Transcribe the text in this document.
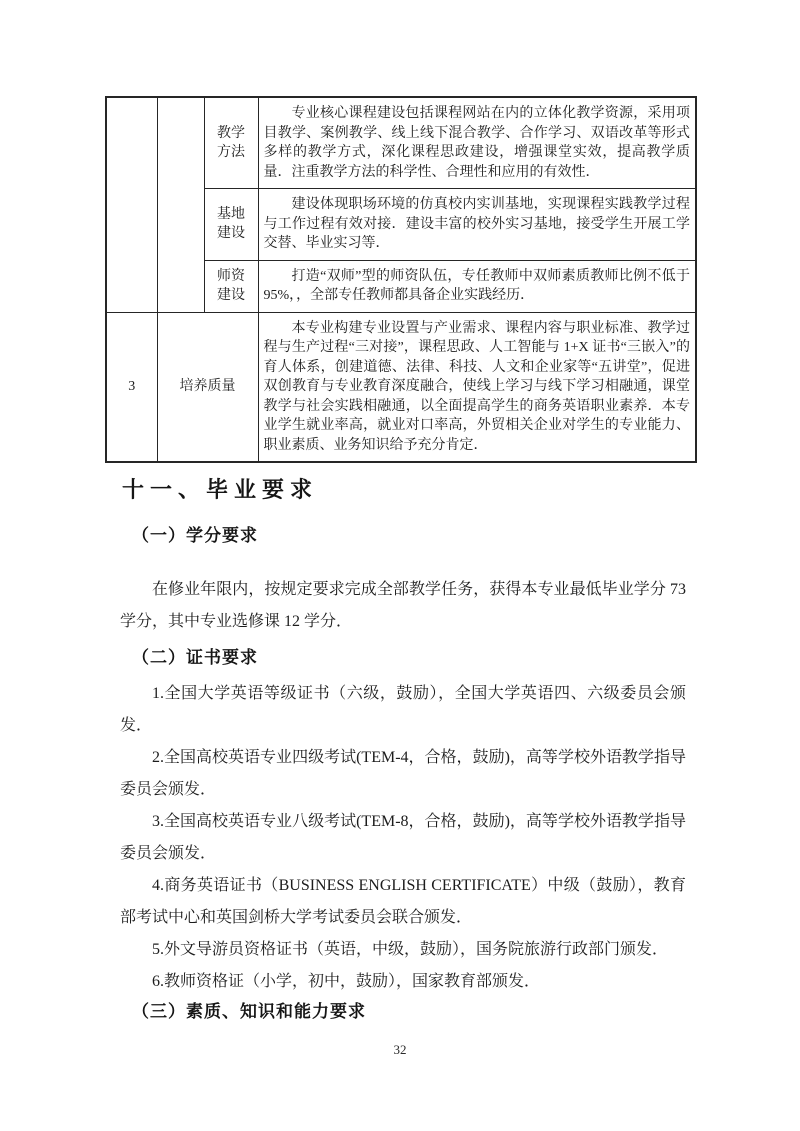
		教学方法	专业核心课程建设包括课程网站在内的立体化教学资源，采用项目教学、案例教学、线上线下混合教学、合作学习、双语改革等形式多样的教学方式，深化课程思政建设，增强课堂实效，提高教学质量．注重教学方法的科学性、合理性和应用的有效性．
		基地建设	建设体现职场环境的仿真校内实训基地，实现课程实践教学过程与工作过程有效对接．建设丰富的校外实习基地，接受学生开展工学交替、毕业实习等．
		师资建设	打造“双师”型的师资队伍，专任教师中双师素质教师比例不低于95%，，全部专任教师都具备企业实践经历．
3	培养质量		本专业构建专业设置与产业需求、课程内容与职业标准、教学过程与生产过程“三对接”，课程思政、人工智能与 1+X 证书“三嵌入”的育人体系，创建道德、法律、科技、人文和企业家等“五讲堂”，促进双创教育与专业教育深度融合，使线上学习与线下学习相融通，课堂教学与社会实践相融通，以全面提高学生的商务英语职业素养．本专业学生就业率高，就业对口率高，外贸相关企业对学生的专业能力、职业素质、业务知识给予充分肯定．
十一、毕业要求
（一）学分要求
在修业年限内，按规定要求完成全部教学任务，获得本专业最低毕业学分 73 学分，其中专业选修课 12 学分．
（二）证书要求

1.全国大学英语等级证书（六级，鼓励），全国大学英语四、六级委员会颁发．

2.全国高校英语专业四级考试(TEM-4，合格，鼓励)，高等学校外语教学指导委员会颁发．

3.全国高校英语专业八级考试(TEM-8，合格，鼓励)，高等学校外语教学指导委员会颁发．

4.商务英语证书（BUSINESS ENGLISH CERTIFICATE）中级（鼓励），教育部考试中心和英国剑桥大学考试委员会联合颁发．

5.外文导游员资格证书（英语，中级，鼓励），国务院旅游行政部门颁发．

6.教师资格证（小学，初中，鼓励），国家教育部颁发．

（三）素质、知识和能力要求
32
